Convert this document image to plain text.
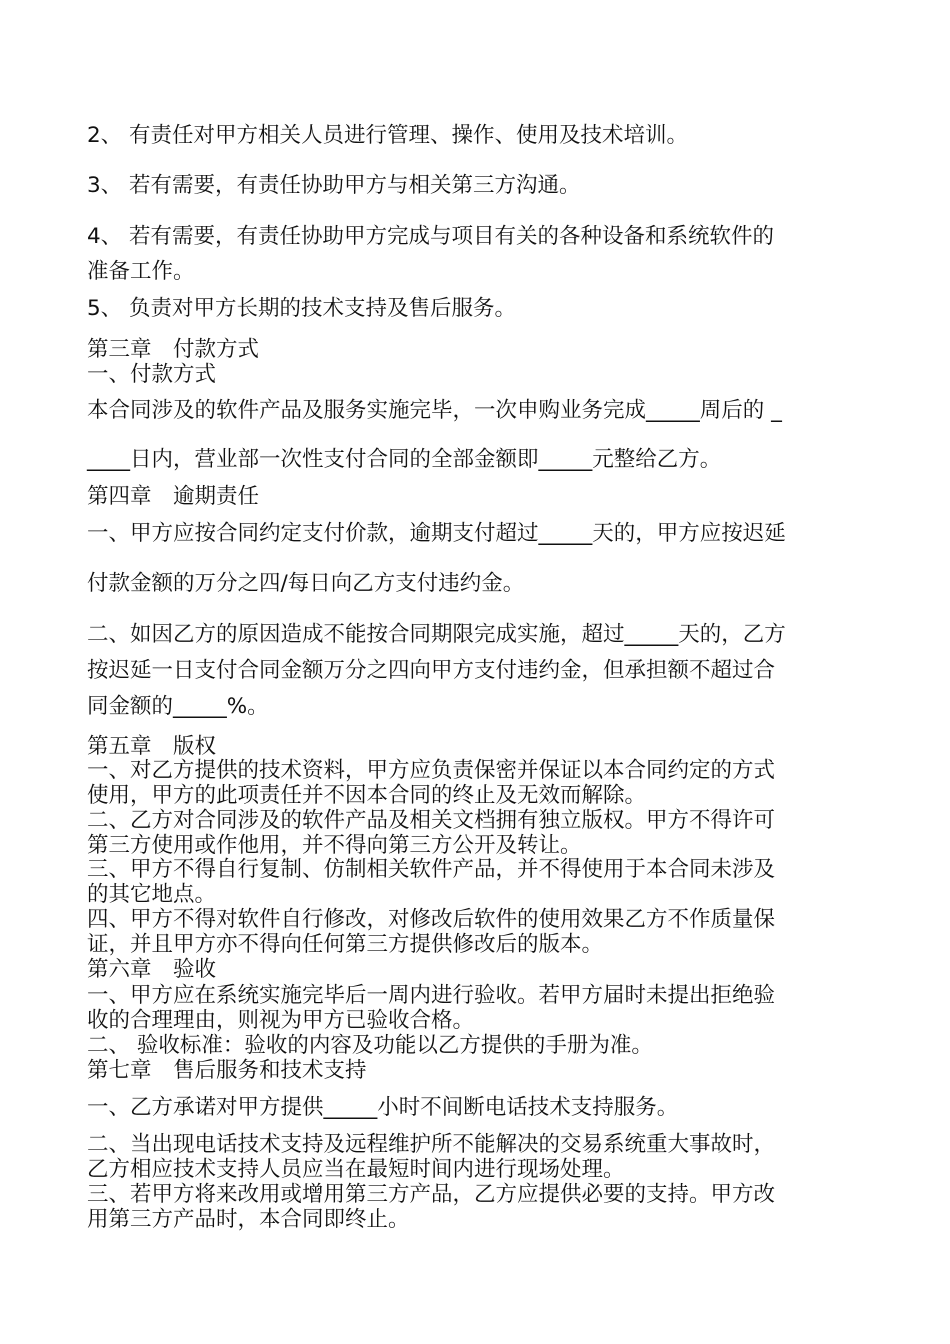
2、 有责任对甲方相关人员进行管理、操作、使用及技术培训。
3、 若有需要，有责任协助甲方与相关第三方沟通。
4、 若有需要，有责任协助甲方完成与项目有关的各种设备和系统软件的
准备工作。
5、 负责对甲方长期的技术支持及售后服务。
第三章　付款方式
一、付款方式
本合同涉及的软件产品及服务实施完毕，一次申购业务完成_____周后的 _
____日内，营业部一次性支付合同的全部金额即_____元整给乙方。
第四章　逾期责任
一、甲方应按合同约定支付价款，逾期支付超过_____天的，甲方应按迟延
付款金额的万分之四/每日向乙方支付违约金。
二、如因乙方的原因造成不能按合同期限完成实施，超过_____天的，乙方
按迟延一日支付合同金额万分之四向甲方支付违约金，但承担额不超过合
同金额的_____%。
第五章　版权
一、对乙方提供的技术资料，甲方应负责保密并保证以本合同约定的方式
使用，甲方的此项责任并不因本合同的终止及无效而解除。
二、乙方对合同涉及的软件产品及相关文档拥有独立版权。甲方不得许可
第三方使用或作他用，并不得向第三方公开及转让。
三、甲方不得自行复制、仿制相关软件产品，并不得使用于本合同未涉及
的其它地点。
四、甲方不得对软件自行修改，对修改后软件的使用效果乙方不作质量保
证，并且甲方亦不得向任何第三方提供修改后的版本。
第六章　验收
一、甲方应在系统实施完毕后一周内进行验收。若甲方届时未提出拒绝验
收的合理理由，则视为甲方已验收合格。
二、 验收标准：验收的内容及功能以乙方提供的手册为准。
第七章　售后服务和技术支持
一、乙方承诺对甲方提供_____小时不间断电话技术支持服务。
二、当出现电话技术支持及远程维护所不能解决的交易系统重大事故时，
乙方相应技术支持人员应当在最短时间内进行现场处理。
三、若甲方将来改用或增用第三方产品，乙方应提供必要的支持。甲方改
用第三方产品时，本合同即终止。
